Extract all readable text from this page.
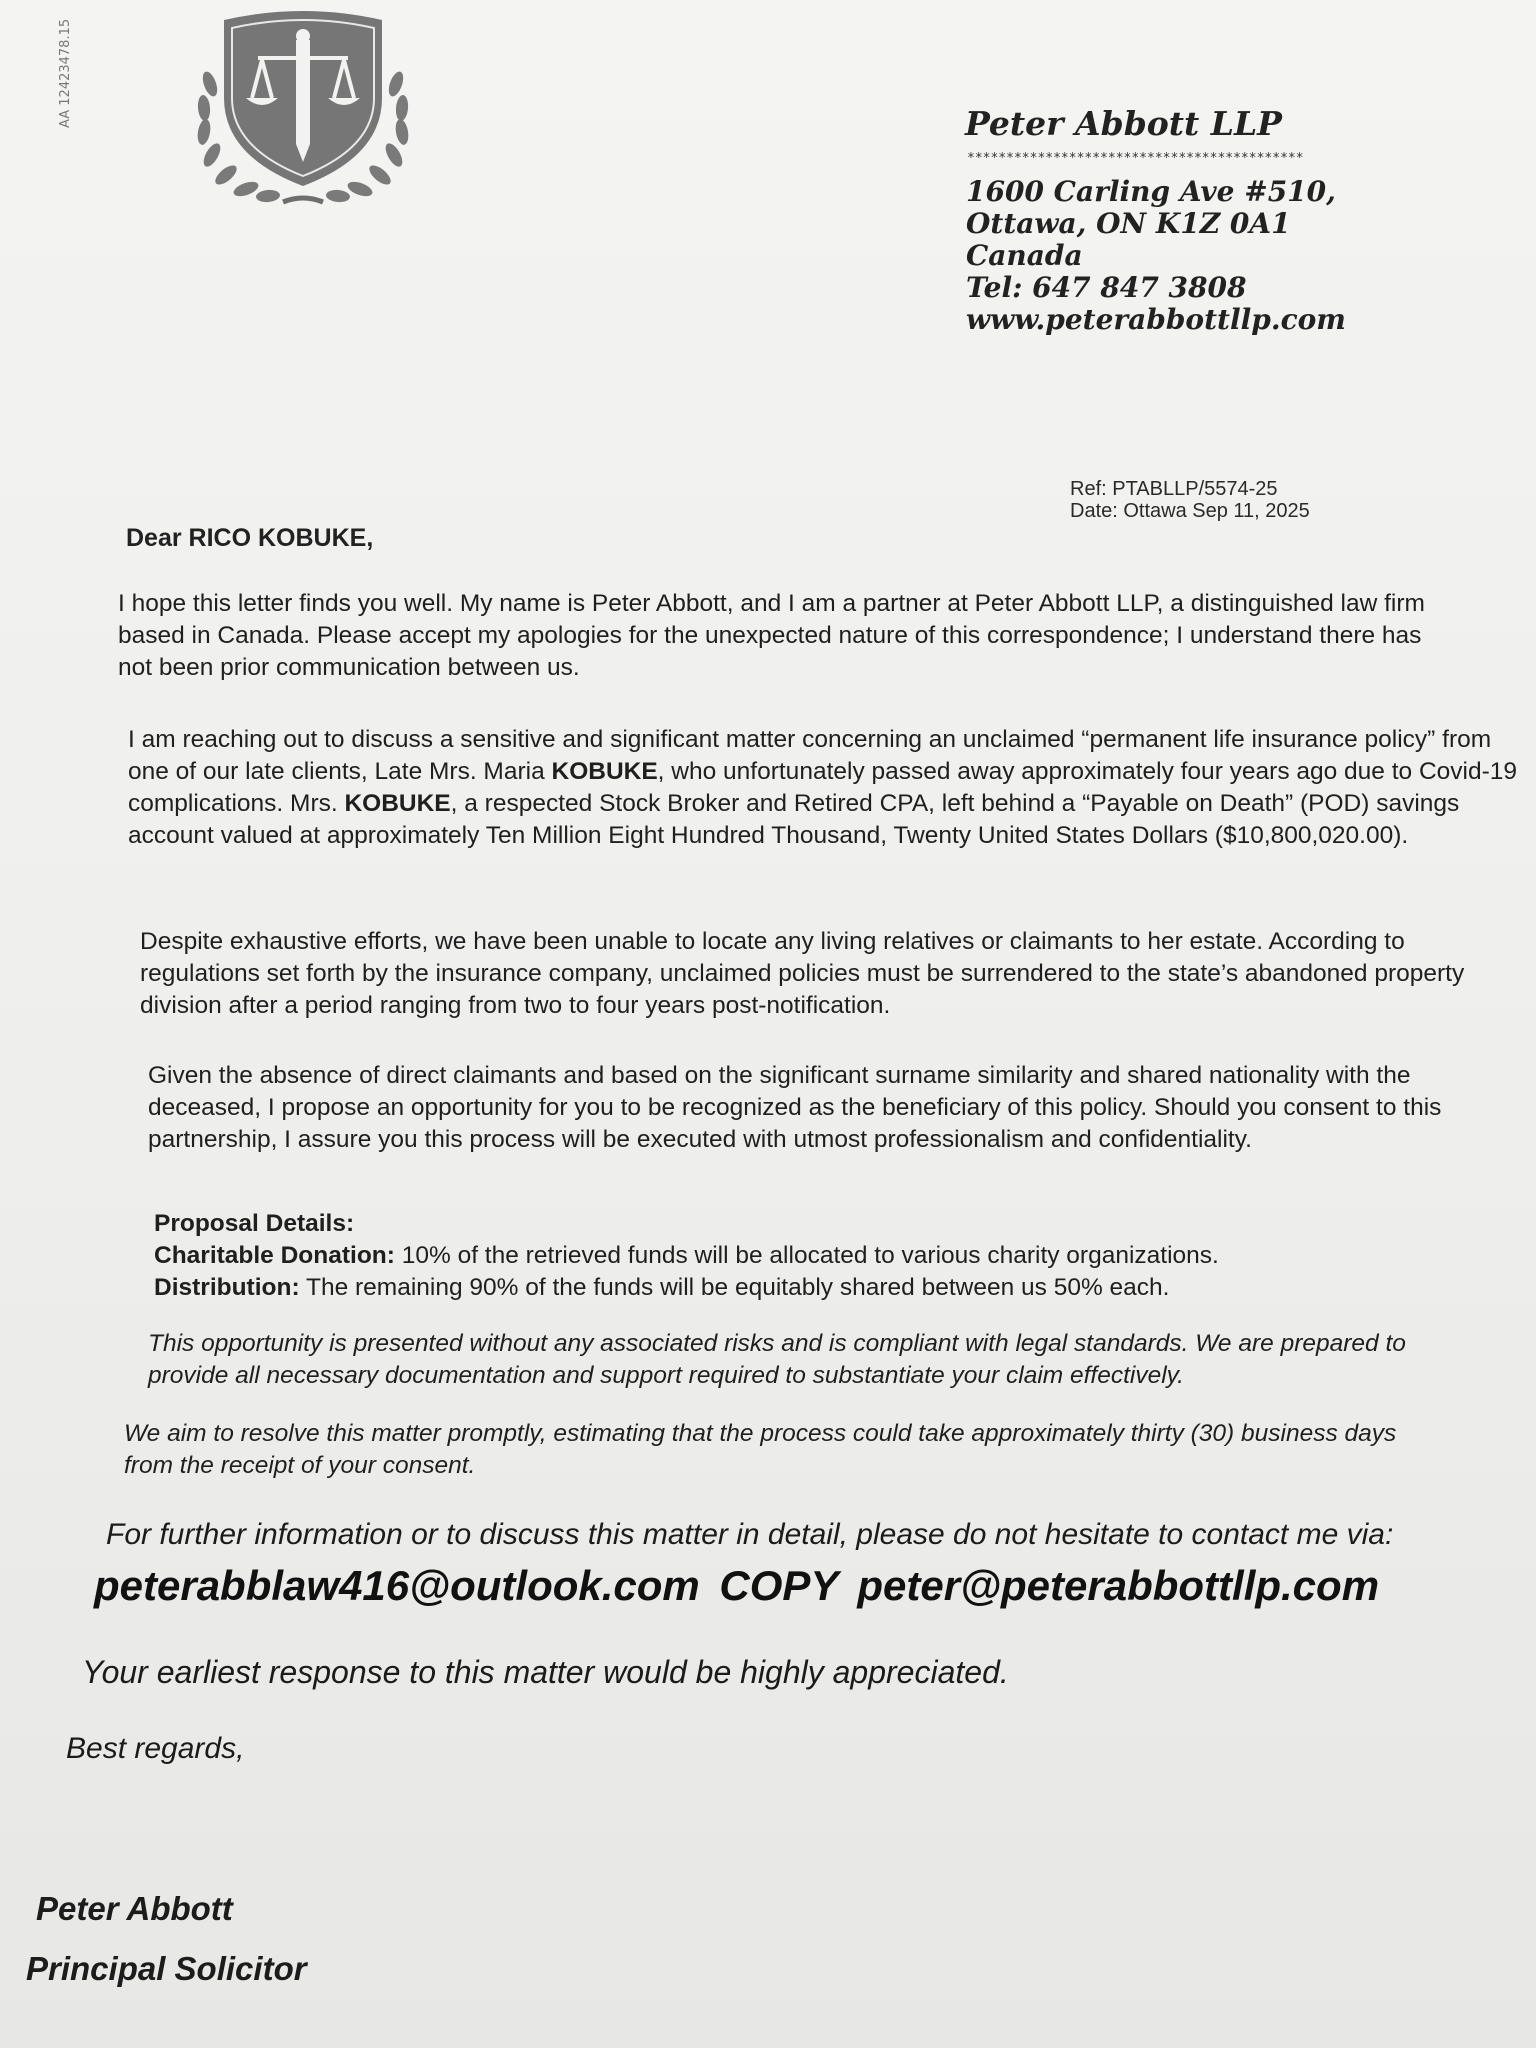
AA 12423478.15	Peter Abbott LLP
*******************************************
1600 Carling Ave #510,
Ottawa, ON K1Z 0A1
Canada
Tel: 647 847 3808
www.peterabbottllp.com
Ref: PTABLLP/5574-25
Date: Ottawa Sep 11, 2025
Dear RICO KOBUKE,
I hope this letter finds you well. My name is Peter Abbott, and I am a partner at Peter Abbott LLP, a distinguished law firm based in Canada. Please accept my apologies for the unexpected nature of this correspondence; I understand there has not been prior communication between us.
I am reaching out to discuss a sensitive and significant matter concerning an unclaimed “permanent life insurance policy” from one of our late clients, Late Mrs. Maria KOBUKE, who unfortunately passed away approximately four years ago due to Covid-19 complications. Mrs. KOBUKE, a respected Stock Broker and Retired CPA, left behind a “Payable on Death” (POD) savings account valued at approximately Ten Million Eight Hundred Thousand, Twenty United States Dollars ($10,800,020.00).
Despite exhaustive efforts, we have been unable to locate any living relatives or claimants to her estate. According to regulations set forth by the insurance company, unclaimed policies must be surrendered to the state’s abandoned property division after a period ranging from two to four years post-notification.
Given the absence of direct claimants and based on the significant surname similarity and shared nationality with the deceased, I propose an opportunity for you to be recognized as the beneficiary of this policy. Should you consent to this partnership, I assure you this process will be executed with utmost professionalism and confidentiality.
Proposal Details:
Charitable Donation: 10% of the retrieved funds will be allocated to various charity organizations.
Distribution: The remaining 90% of the funds will be equitably shared between us 50% each.
This opportunity is presented without any associated risks and is compliant with legal standards. We are prepared to provide all necessary documentation and support required to substantiate your claim effectively.
We aim to resolve this matter promptly, estimating that the process could take approximately thirty (30) business days from the receipt of your consent.
For further information or to discuss this matter in detail, please do not hesitate to contact me via:
peterabblaw416@outlook.com COPY peter@peterabbottllp.com
Your earliest response to this matter would be highly appreciated.
Best regards,
Peter Abbott
Principal Solicitor
